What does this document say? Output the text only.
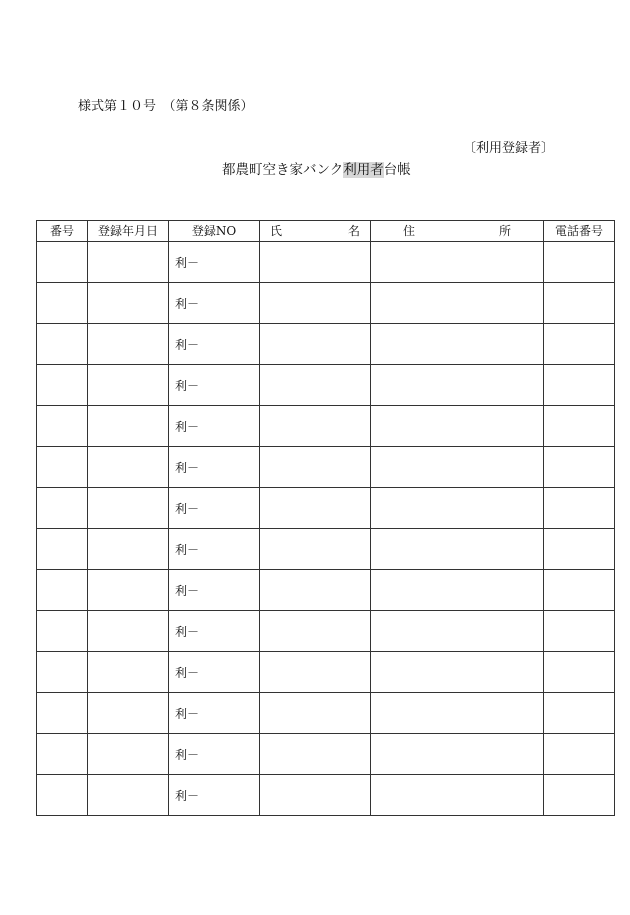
様式第１０号　（第８条関係）
〔利用登録者〕
都農町空き家バンク利用者台帳
番号	登録年月日	登録NO	氏 名	住 所	電話番号
		利－			
		利－			
		利－			
		利－			
		利－			
		利－			
		利－			
		利－			
		利－			
		利－			
		利－			
		利－			
		利－			
		利－			
